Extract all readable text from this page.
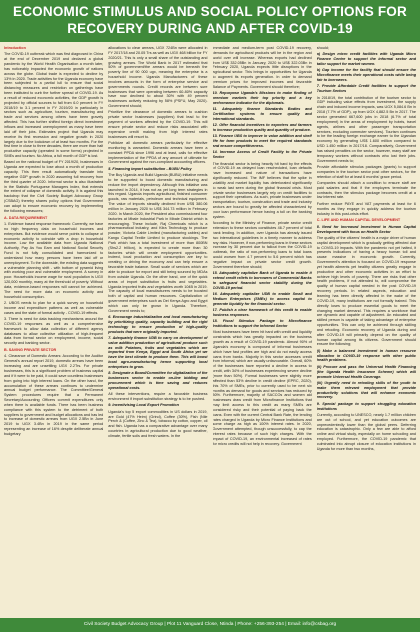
ECONOMIC STIMULUS AND SOCIAL POLICY OPTIONS FOR RECOVERY DURING AND AFTER COVID-19

Introduction

The COVID-19 outbreak which was first diagnosed in China at the end of December 2019 and declared a global pandemic by the World Health Organisation a month later, has noticeably impacted the economic growth of nations across the globe. Global trade is expected to decline by 13% in 2020. Trade activities for the Uganda economy have been subjected to a partial lull to ensure that social distancing measures and restriction on gatherings have been instituted to curb the further spread of COVID-19. As a result of reduced economic activities, the GDP growth is projected by official sources to fall from 6.0 percent in FY 2018/19 to 3.1 percent in FY 2019/20 in particularly in sectors such as agriculture, tourism, manufacturing and trade and services among others have been gravely affected. This has further shifted foreign direct investment inflows and increased unemployment as many have been laid off their jobs. Estimates project that Uganda may receive its first recession and negative growth in 2020 largely due to the lockdown of at least two months. For the first time in close to three decades, there are more than half productive capacity (operated in some forms) projected in SMEs and tourism. No Africa, a full month of GDP is lost.

Based on the national budget of FY 2019/20, businesses in Uganda are expected to lose about a month of production capacity. This then result automatically translate into negative GDP growth in 2020 assuming full recovery from the third quarter of 2020. Informal sector is also illustrated in the Statistic Portuguese Managers Index, that extends the extent of collapse of domestic activity. It is against this backdrop that the Civil Society Budget Advocacy Group (CSBAG) thereby shares policy options that Government can adopt to ensure economic recovery by implementing the following measures;

A. DATA REQUIREMENT

1. Evidence based response framework: Currently, we have no high frequency data on household incomes and enterprises. But evidence would serve points to collapse of economic activity to coincide with a drop in household income. Low the available data from Uganda National Authority, Pay As You Earn and National Social Security Fund is not fully consolidated and harmonized to understand how many persons have been laid off or unemployment. To the downside, the existing data suggests a vulnerable planning shift - with bottom of pyramid living with working poor and vulnerable employment. A survey in poor. Households income wage for rural population is UGX 120,000 monthly, many at the threshold of poverty. Without data, evidence-based responses will cannot be achieved. The need for more data on economic activity and household consumption.

2. UBOS needs to plan for a quick survey on household income and expenditure patterns as well as vulnerable cases and the state of formal activity - COVID-19 effects.

3. There is need for data tracking mechanisms around the COVID-19 responses as well as a comprehensive framework to allow data collection of different agency databases to allow collective utilization of high-frequent data from formal sector on employment, income, social security and banking sector.

B. SAVING PRIVATE SECTOR

4. Clearance of Domestic Arrears: According to the Auditor General's annual report 2019, domestic arrears have been increasing and are unsettling UGX 2.2Trs. For private businesses, this is a significant problem of business capital and if it were to be paid, it could save countless businesses from going into high interest loans. On the other hand, the accumulation of these arrears continues to undermine annual budget performance. The Committee/General System procedures require that a Permanent Secretary/Accounting Officers commit expenditures only when there is available funds. There has been business compliance with this system to the detriment of both suppliers to government and budget allocations and has led to increase of domestic arrears from UGX 2.5Bn in June 2019 to UGX 3.4Bn in 2019 in the same period representing an increase of 16% despite deliberate annual budgetary

allocations to clear arrears, UGX 724Bn were allocated in FY 2017/18 and 20.05 Trs as well as UGX 468 billion for FY 2020/21. This is only a small share of the outstanding and growing arrears. The World Bank in 2017 estimated that 50% of government/the arrears would be beneath the poverty line of 90 000 ugx, meaning the enterprise is a household income. Uganda Manufacturers of these involves amounts in the form of enterprise service and governments rounds. Credit records are between sure businesses that were operating between 60-80% capacity have now declined to about 30% with 49 percent businesses actively reducing by 58% (PSFU, May 2020). Government should;

Prioritize the clearance of domestic arrears to cushion private sector businesses (suppliers) that lead to the payment of workers affected by the COVID-19. This will ensure private sector and reduce risks associated with expensive credit making from high interest rates businesses will resort to.

Publicize all domestic arrears particularly for effective monitoring is warranted. Domestic arrears have been a constant PPDA since 1996 and at least, calls for effective implementation of the PPDA of any amount of ultimate for Government against the non-compliant accounting officers.

5. Financing import substitution - BUBU Policy

The Buy Uganda and Build Uganda (BUBU) initiative needs to be supported to boost domestic manufacturing and reduce the import dependency. Although this initiative was launched in 2014, it has not as yet long term strategies in this regard. Uganda imports agricultural, finished consumer goods, raw materials, petroleum and technical equipment. The value of imports steadily declined from US$ 380.06 million in January 2020 to US$ 344.73 million in February 2020. In March 2020, the President also commissioned four factories at Mbale Industrial Park in Mbale District which is encouraging. These include, Raj Chemicals which is a pharmaceutical industry, and Kiira Technology to produce powder, Victoria Cable Limited (manufacturing cables) and Kangu Capital Textile Limited to produce stockings. The Park which has a total investment of more than 800BN (Shs2.2 trillion), is expected to create more than 30 factories which will create employment opportunities. Indeed, local production and consumption are key to creating or driving the economy and can help ensure a favorable trade balance. Small scale of services which are able to produce for export and still being sourced by MDAs from outside Uganda. On the other hand, one of the quick areas of import substitution is fruits and vegetables. Uganda imported fruits and vegetables worth 104B in 2019. The capacity of local manufacturers needs to be boosted both of capital and human resources. Capitalization of government enterprises such as Dei Kenya Agro and Egypt which can only be grown in Uganda. Therefore, Government needs to;

6. Encourage industrialization and local manufacturing by prioritizing quality, capacity building and the right technology to ensure production of high-quality products that were originally imported.

7. Adequately finance UDB to carry on development of value addition production of agricultural produce such as milk Potatoes, fruits and vegetables which are imported from Kenya, Egypt and South Africa yet we have the best climate to produce them. This will boost local agro-manufacturing hence supporting local enterprises to grow.

8. Designate a Board/Committee for digitalization of the businesses sector to enable on-line bidding and procurement which is time saving and reduces operational costs.

All these interventions, require a favorable business environment if import substitution strategy is to be pushed.

9. Incentivising Local Export Promotion

Uganda's top 5 export commodities in US dollars in 2019, are Gold (47% Heim) (Grind), Coffee (30%), Fish (Nile Perch & (Coffee, Zinc & Tea), tobacco by cotton, copper, oil and fish. Uganda has a comparative advantage over many countries in agricultural production due to good weather, climate, fertile soils and fresh waters. In the

immediate and medium-term post COVID-19 recovery, demands for agricultural products will be in the region and world over will increase. Whereas exports had declined from US$ 332.05Bn in January, 2020 to US$ 322.03Bn in February 2020, Uganda expects little disruptions in the agricultural sector. This brings in opportunities for Uganda to augment its exports generation. In order to demand premium prices for improved incomes and favorable Balance of Payments. Government should therefore;

10. Repurpose Uganda's Missions to make finding of premium markets their top priority and a key performance indicator for the diplomats.

11. Adequately finance Standards Bodies and Certification systems to ensure quality and international standards.

12. Offer financial incentives to exporters and farmers to increase production quality and quantity of produce.

13. Finance UBS to improve in value addition and shelf life for farm products to meet the required standards and ensure competitiveness.

14. Increase Access of Credit Facility to the Private Sector

The financial sector is being heavily hit hard by the effects of COVID-19 as delayed loan rescheduled, loan defaults have increased and nature of transactions have significantly reduced. The IMF believes that the spike in volatility and market liquidity has deteriorated significantly to weak last seen during the global financial crisis. Most private sector businesses largely rely on credit facilities to support their operations. As such, private businesses under transportation, tourism, construction and trade and industry sectors are bound to greatly be affected characterized by poor loan performance hence having a toll on the banking system.

According to the Ministry of Finance, private sector credit extension to these sectors constitutes 46.7 percent of total bank lending. In addition, over Uganda has already issued two international guidelines in a timely manner to address any risks. However, if non-performing loans in these sectors increase by 30 percent due to fallout from the COVID-19 outbreak, the ratio of non-performing loans to total loans would worsen from 4.7 percent to 5.6 percent which has negative impact on private sector credit growth. Government therefore should;

15. Adequately capitalize Bank of Uganda to enable it extend credit reliefs to borrowers of Commercial Banks to safeguard financial sector stability during the COVID-19 period.

16. Adequately capitalize UDB to enable Small and Medium Enterprises (SMEs) to access capital to generate liquidity for the financial sector.

17. Publish a clear framework of this credit to enable business responses.

18. Fiscal Stimulus Package to Microfinance Institutions to support the Informal Sector

Most businesses have been hit hard with credit and liquidity constraints which has greatly impacted on the business growth as a result of COVID-19 pandemic. Almost 90% of Uganda's economy is composed of informal businesses which have fast profiles are high and do not easily access loans from banks. Majority in this sector accesses credit from informal, which are usually unfavourable. Overall, 60% of the businesses have reported a decline in access to credit, with 34% of businesses experiencing severe decline (more than 50%). Formal businesses were slightly more affected than 53% decline in credit decline (EPRC, 2020), this 70% of SMEs, prior to currently used to be next six months as demand for goods and services has reduced by 50%. Furthermore, majority of SACCOs and women aid businesses draw credit from Microfinance Institutions that may limit access to this credit as many SMEs are considered risky and their potential of paying back the loans. Even with the current Central Bank Rate, the lending rates charged in Uganda by Micro Finance Institutions and some charge as high as 100% interest rates. In 2020, Government attempted, though unsuccessfully, to cap the interest rates because of such high charges. With the impact of COVID-19, an environmental increased of rates for micro credits will not help in recovery. Government

should;

a) Design micro credit facilities with Uganda Micro Finance Centre to support the informal sector and tailor support for market women.

b) Gap income for the facility that should ensure the Microfinance meets their operational costs while being fair to borrowers.

7. Provide Affordable Credit facilities to support the Tourism Sectors

In 2018/19, the total contribution of the tourism sector to GDP including value effects from investment, the supply chain and induced income impacts, was UGX 5,084.6 Bn in 2018 (7.7% of GDP), up from UGX 4,882.5 Bn in 2017. The sector generated 667,600 jobs in 2018 (6.7% of total employment) in the areas of employment by hotels, travel agents, airlines and other passenger transportation services, excluding commuter services). Tourism continues to be the leading foreign exchange earner to the Ugandan economy by generating US$ 1.600 million compared to USD 1.450 million in 2017/18. Comparatively, Government has raised penalties on the sector, however, many staff are temporary workers without contracts who lost their jobs. Government needs to;

Provide affordable stimulus packages (grants) to support companies in the tourism sector post other sectors, for the retention of staff for at least 6 months' grace period.

Companies should attach a condition to ensure staff are paid salaries and that if the employers terminate the contracts, then the stimulus package becomes credit at a low interest rate.

Further reduce PAYE and VAT payments at least for 6 months as they engage in quickly address the tourism industry in this post-crisis effort.

C. LIFE AND HUMAN CAPITAL DEVELOPMENT

8. Need for Increased Investment in Human Capital Development with focus on Health Sector

The quality of the citizens' health is a major driver of human capital development which is gradually getting affected due to COVID-19 impacts. With the pandemic not yet halted, it presents indications of having a heavy human toll and cause massive in economic growth. Currently, Government's attention is focused on COVID-19 response yet health ailments yet healthy citizens greatly engage in productive and other economic activities in an effort to achieve high levels of poverty. There are risks that other health problems, if not attended to, will compromise the quality of human capital needed in the post COVID-19 recovery periods. In related aspects, education and learning has been directly affected in the wake of the COVID-19, many institutions are not formally trained. This directly loses to produce essential goods to meet the changing market demand. This requires a workforce that are dynamic and capable of adjustment. An educated and skilled person is capable of taking advantage of enterprise opportunities. This can only be achieved through skilling and retooling. Economic recovery of Uganda during and after COVID-19 will primarily depend on the quality of human capital among its citizens. Government should ensure the following;

(i) Make a balanced investment in human resource allocation in COVID-19 response with other public health problems.

(ii) Procure and pass the Universal Health Financing (the Uganda Health Insurance Scheme) which will promote Universal Health Coverage.

(iii) Urgently need to retooling skills of the youth to make them relevant employment that provide productivity solutions that will enhance economic recovery.

9. Special package to support struggling education institutions

Currently, according to UNESCO, nearly 1.7 million children are out of school, and yet education outcomes are unprecedentedly lower than the global peers. Deferring education is catastrophic. Only a few are able to afford online and virtual study, especially on home schooling and employed. Furthermore, the COVID-19 pandemic that culminated into abrupt closure of education institutions in Uganda for more than two months,

Civil Society Budget Advocacy Group | Plot 11 Vanguard Close, Ntinda | Phone: +256-393-254 | Email: info@csbag.org
